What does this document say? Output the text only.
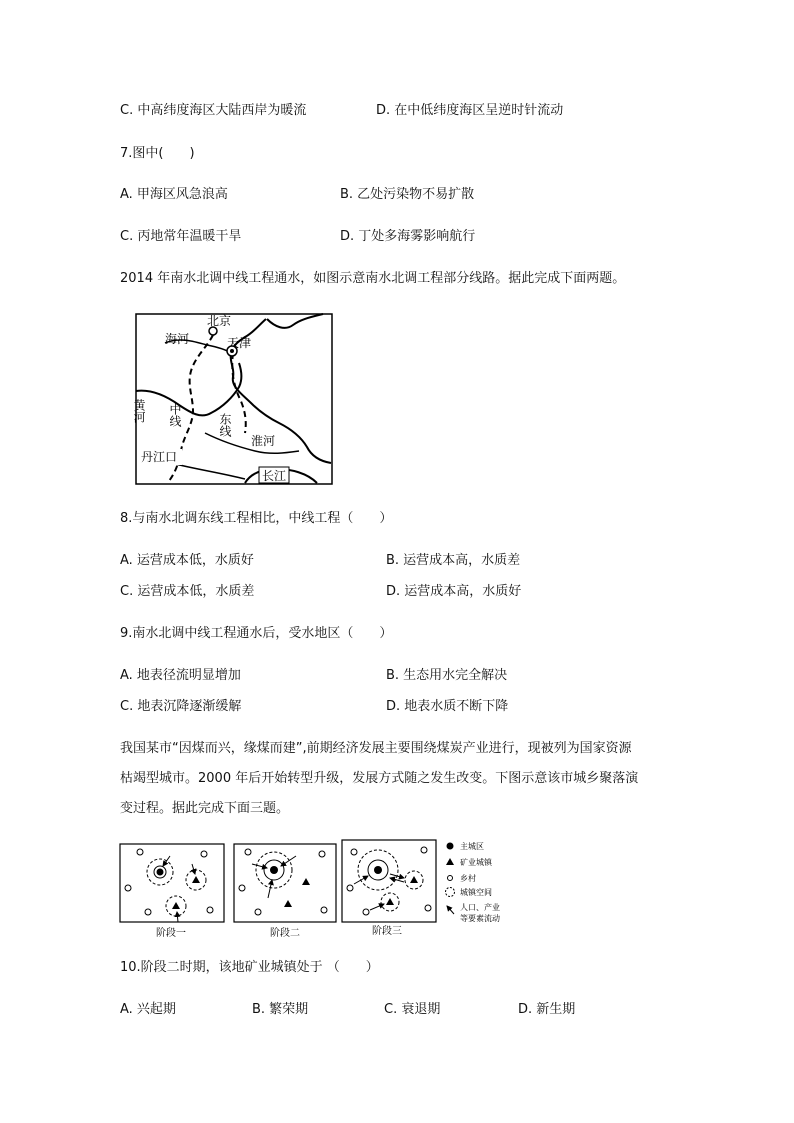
C. 中高纬度海区大陆西岸为暖流	D. 在中低纬度海区呈逆时针流动
7.图中(　　)
A. 甲海区风急浪高	B. 乙处污染物不易扩散
C. 丙地常年温暖干旱	D. 丁处多海雾影响航行
2014 年南水北调中线工程通水，如图示意南水北调工程部分线路。据此完成下面两题。
北京
天津
海河
黄河 中线	东线
淮河
丹江口
长江
8.与南水北调东线工程相比，中线工程（　　）
A. 运营成本低，水质好	B. 运营成本高，水质差
C. 运营成本低，水质差	D. 运营成本高，水质好
9.南水北调中线工程通水后，受水地区（　　）
A. 地表径流明显增加	B. 生态用水完全解决
C. 地表沉降逐渐缓解	D. 地表水质不断下降
我国某市“因煤而兴，缘煤而建”,前期经济发展主要围绕煤炭产业进行，现被列为国家资源
枯竭型城市。2000 年后开始转型升级，发展方式随之发生改变。下图示意该市城乡聚落演
变过程。据此完成下面三题。
阶段一	阶段二	阶段三
主城区
矿业城镇
乡村
城镇空间
人口、产业
等要素流动
10.阶段二时期，该地矿业城镇处于 （　　）
A. 兴起期	B. 繁荣期	C. 衰退期	D. 新生期
